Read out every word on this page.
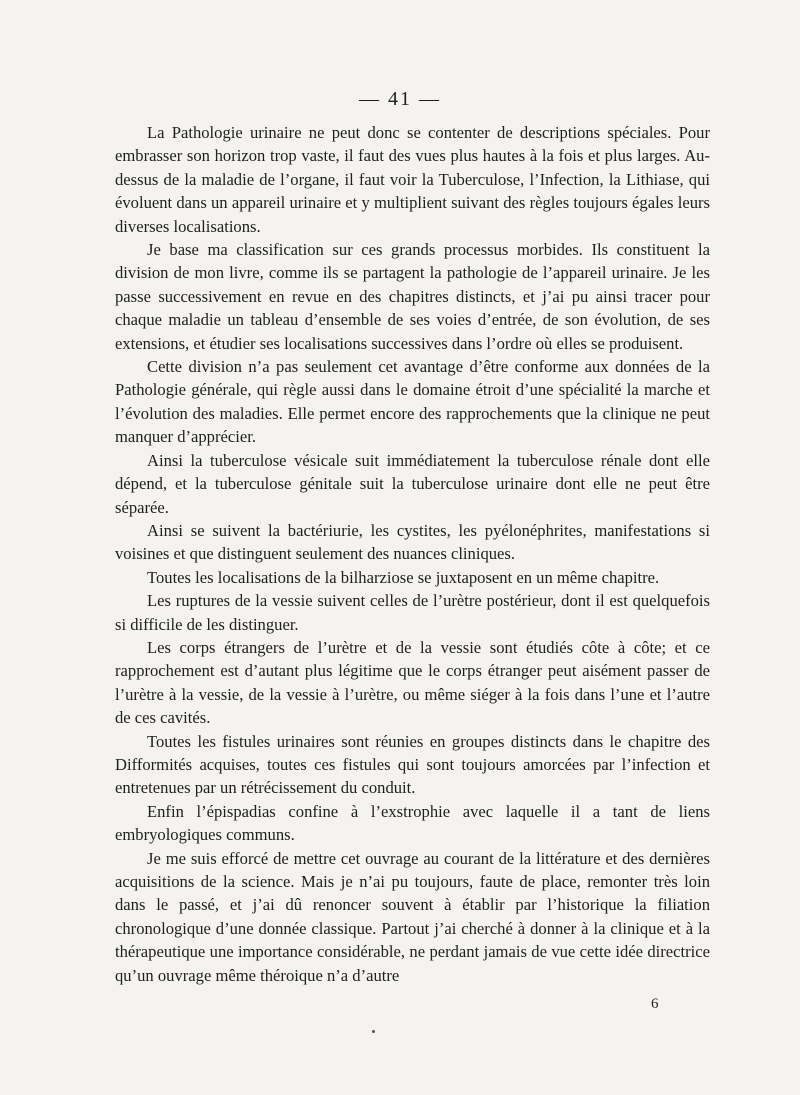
— 41 —

La Pathologie urinaire ne peut donc se contenter de descriptions spéciales. Pour embrasser son horizon trop vaste, il faut des vues plus hautes à la fois et plus larges. Au-dessus de la maladie de l’organe, il faut voir la Tuberculose, l’Infection, la Lithiase, qui évoluent dans un appareil urinaire et y multiplient suivant des règles toujours égales leurs diverses localisations.

Je base ma classification sur ces grands processus morbides. Ils constituent la division de mon livre, comme ils se partagent la pathologie de l’appareil urinaire. Je les passe successivement en revue en des chapitres distincts, et j’ai pu ainsi tracer pour chaque maladie un tableau d’ensemble de ses voies d’entrée, de son évolution, de ses extensions, et étudier ses localisations successives dans l’ordre où elles se produisent.

Cette division n’a pas seulement cet avantage d’être conforme aux données de la Pathologie générale, qui règle aussi dans le domaine étroit d’une spécialité la marche et l’évolution des maladies. Elle permet encore des rapprochements que la clinique ne peut manquer d’apprécier.

Ainsi la tuberculose vésicale suit immédiatement la tuberculose rénale dont elle dépend, et la tuberculose génitale suit la tuberculose urinaire dont elle ne peut être séparée.

Ainsi se suivent la bactériurie, les cystites, les pyélonéphrites, manifestations si voisines et que distinguent seulement des nuances cliniques.

Toutes les localisations de la bilharziose se juxtaposent en un même chapitre.

Les ruptures de la vessie suivent celles de l’urètre postérieur, dont il est quelquefois si difficile de les distinguer.

Les corps étrangers de l’urètre et de la vessie sont étudiés côte à côte; et ce rapprochement est d’autant plus légitime que le corps étranger peut aisément passer de l’urètre à la vessie, de la vessie à l’urètre, ou même siéger à la fois dans l’une et l’autre de ces cavités.

Toutes les fistules urinaires sont réunies en groupes distincts dans le chapitre des Difformités acquises, toutes ces fistules qui sont toujours amorcées par l’infection et entretenues par un rétrécissement du conduit.

Enfin l’épispadias confine à l’exstrophie avec laquelle il a tant de liens embryologiques communs.

Je me suis efforcé de mettre cet ouvrage au courant de la littérature et des dernières acquisitions de la science. Mais je n’ai pu toujours, faute de place, remonter très loin dans le passé, et j’ai dû renoncer souvent à établir par l’historique la filiation chronologique d’une donnée classique. Partout j’ai cherché à donner à la clinique et à la thérapeutique une importance considérable, ne perdant jamais de vue cette idée directrice qu’un ouvrage même théroique n’a d’autre

6
